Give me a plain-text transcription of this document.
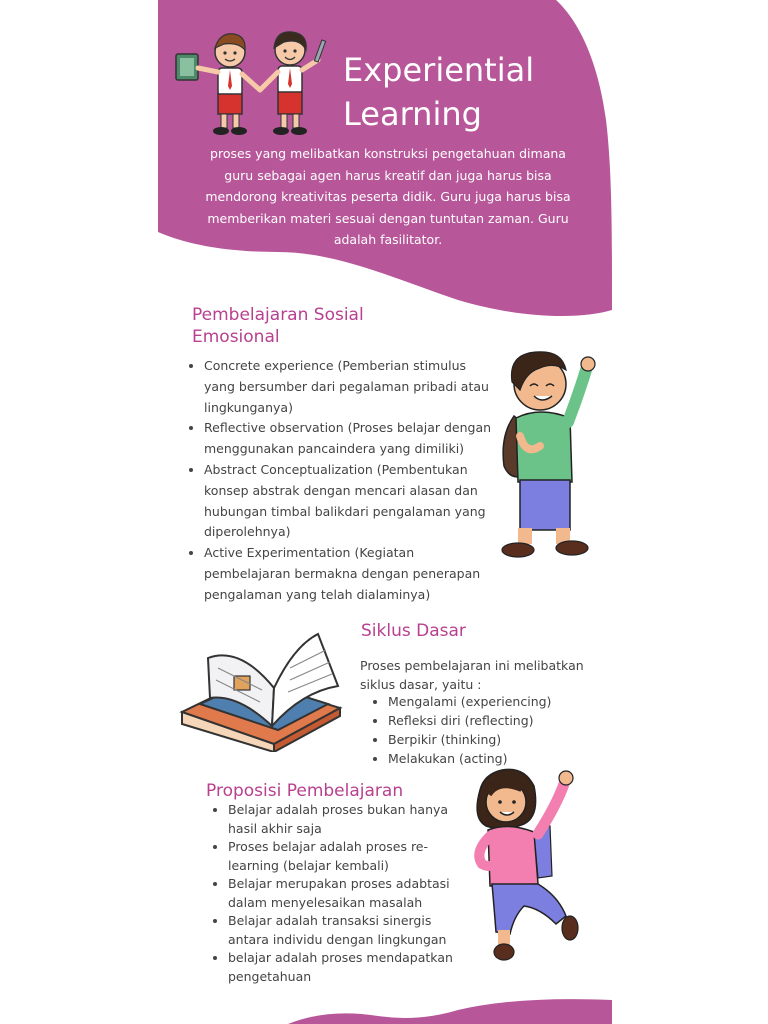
Experiential
Learning

proses yang melibatkan konstruksi pengetahuan dimana guru sebagai agen harus kreatif dan juga harus bisa mendorong kreativitas peserta didik. Guru juga harus bisa memberikan materi sesuai dengan tuntutan zaman. Guru adalah fasilitator.

Pembelajaran Sosial Emosional
• Concrete experience (Pemberian stimulus yang bersumber dari pegalaman pribadi atau lingkunganya)
• Reflective observation (Proses belajar dengan menggunakan pancaindera yang dimiliki)
• Abstract Conceptualization (Pembentukan konsep abstrak dengan mencari alasan dan hubungan timbal balikdari pengalaman yang diperolehnya)
• Active Experimentation (Kegiatan pembelajaran bermakna dengan penerapan pengalaman yang telah dialaminya)
Siklus Dasar

Proses pembelajaran ini melibatkan siklus dasar, yaitu :

• Mengalami (experiencing)
• Refleksi diri (reflecting)
• Berpikir (thinking)
• Melakukan (acting)
Proposisi Pembelajaran
• Belajar adalah proses bukan hanya hasil akhir saja
• Proses belajar adalah proses re-learning (belajar kembali)
• Belajar merupakan proses adabtasi dalam menyelesaikan masalah
• Belajar adalah transaksi sinergis antara individu dengan lingkungan
• belajar adalah proses mendapatkan pengetahuan
